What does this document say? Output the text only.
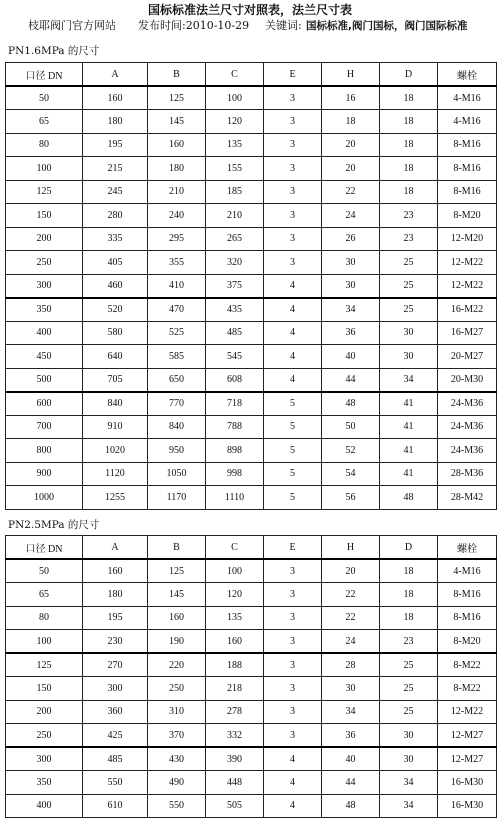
国标标准法兰尺寸对照表，法兰尺寸表
枝耶阀门官方网站 发布时间:2010-10-29 关键词: 国标标准,阀门国标，阀门国际标准
PN1.6MPa 的尺寸
口径 DN	A	B	C	E	H	D	螺栓
50	160	125	100	3	16	18	4-M16
65	180	145	120	3	18	18	4-M16
80	195	160	135	3	20	18	8-M16
100	215	180	155	3	20	18	8-M16
125	245	210	185	3	22	18	8-M16
150	280	240	210	3	24	23	8-M20
200	335	295	265	3	26	23	12-M20
250	405	355	320	3	30	25	12-M22
300	460	410	375	4	30	25	12-M22
350	520	470	435	4	34	25	16-M22
400	580	525	485	4	36	30	16-M27
450	640	585	545	4	40	30	20-M27
500	705	650	608	4	44	34	20-M30
600	840	770	718	5	48	41	24-M36
700	910	840	788	5	50	41	24-M36
800	1020	950	898	5	52	41	24-M36
900	1120	1050	998	5	54	41	28-M36
1000	1255	1170	1110	5	56	48	28-M42
PN2.5MPa 的尺寸
口径 DN	A	B	C	E	H	D	螺栓
50	160	125	100	3	20	18	4-M16
65	180	145	120	3	22	18	8-M16
80	195	160	135	3	22	18	8-M16
100	230	190	160	3	24	23	8-M20
125	270	220	188	3	28	25	8-M22
150	300	250	218	3	30	25	8-M22
200	360	310	278	3	34	25	12-M22
250	425	370	332	3	36	30	12-M27
300	485	430	390	4	40	30	12-M27
350	550	490	448	4	44	34	16-M30
400	610	550	505	4	48	34	16-M30
